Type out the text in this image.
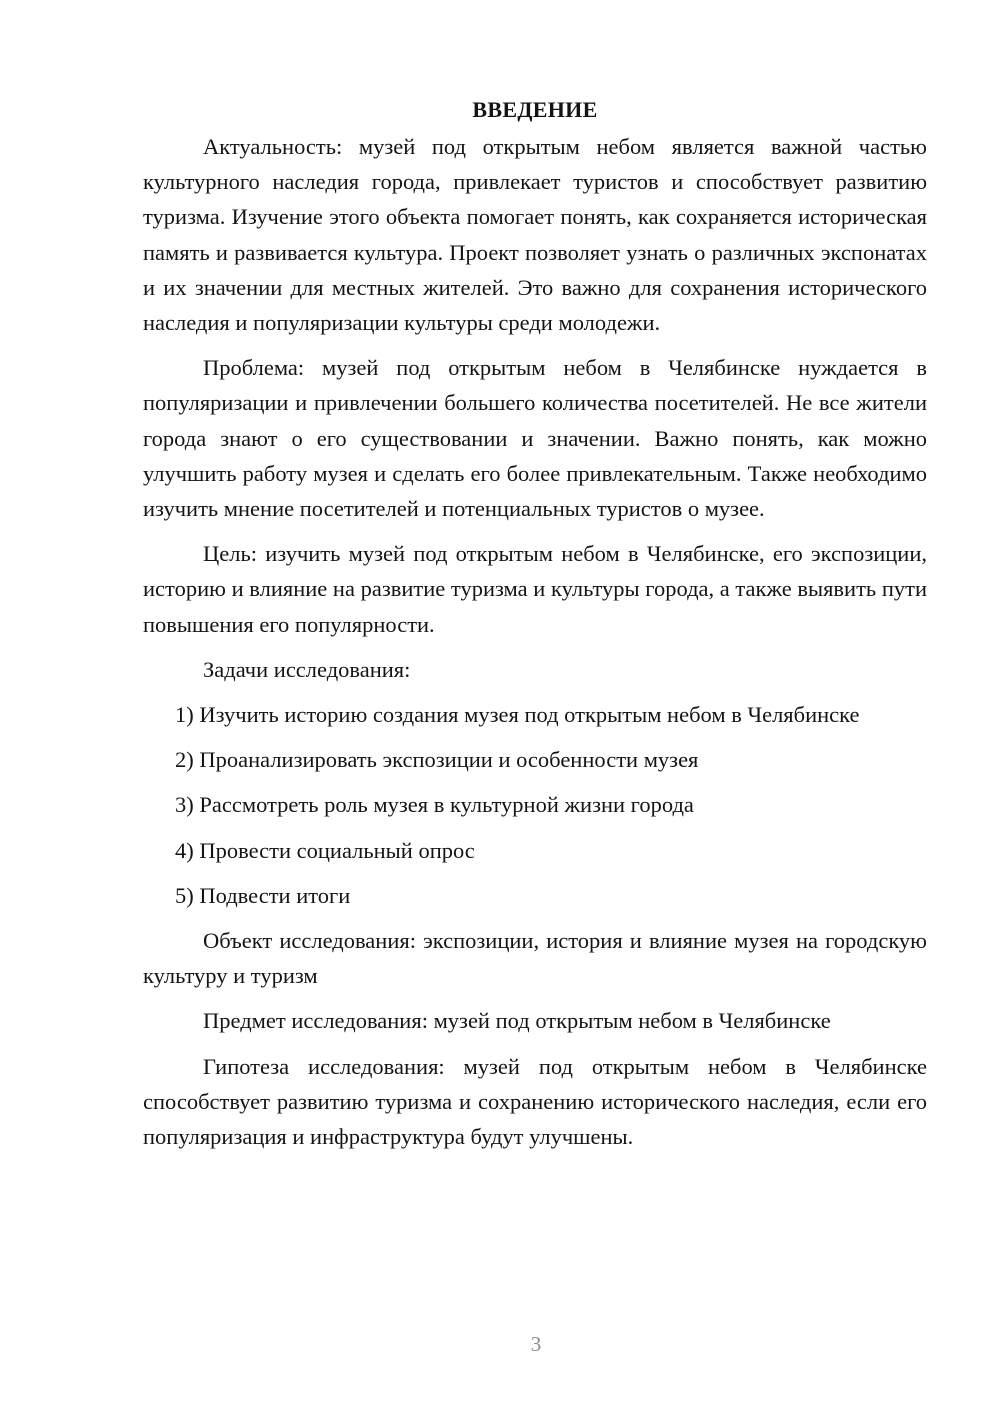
ВВЕДЕНИЕ

Актуальность: музей под открытым небом является важной частью культурного наследия города, привлекает туристов и способствует развитию туризма. Изучение этого объекта помогает понять, как сохраняется историческая память и развивается культура. Проект позволяет узнать о различных экспонатах и их значении для местных жителей. Это важно для сохранения исторического наследия и популяризации культуры среди молодежи.

Проблема: музей под открытым небом в Челябинске нуждается в популяризации и привлечении большего количества посетителей. Не все жители города знают о его существовании и значении. Важно понять, как можно улучшить работу музея и сделать его более привлекательным. Также необходимо изучить мнение посетителей и потенциальных туристов о музее.

Цель: изучить музей под открытым небом в Челябинске, его экспозиции, историю и влияние на развитие туризма и культуры города, а также выявить пути повышения его популярности.

Задачи исследования:

1) Изучить историю создания музея под открытым небом в Челябинске

2) Проанализировать экспозиции и особенности музея

3) Рассмотреть роль музея в культурной жизни города

4) Провести социальный опрос

5) Подвести итоги

Объект исследования: экспозиции, история и влияние музея на городскую культуру и туризм

Предмет исследования: музей под открытым небом в Челябинске

Гипотеза исследования: музей под открытым небом в Челябинске способствует развитию туризма и сохранению исторического наследия, если его популяризация и инфраструктура будут улучшены.

3
